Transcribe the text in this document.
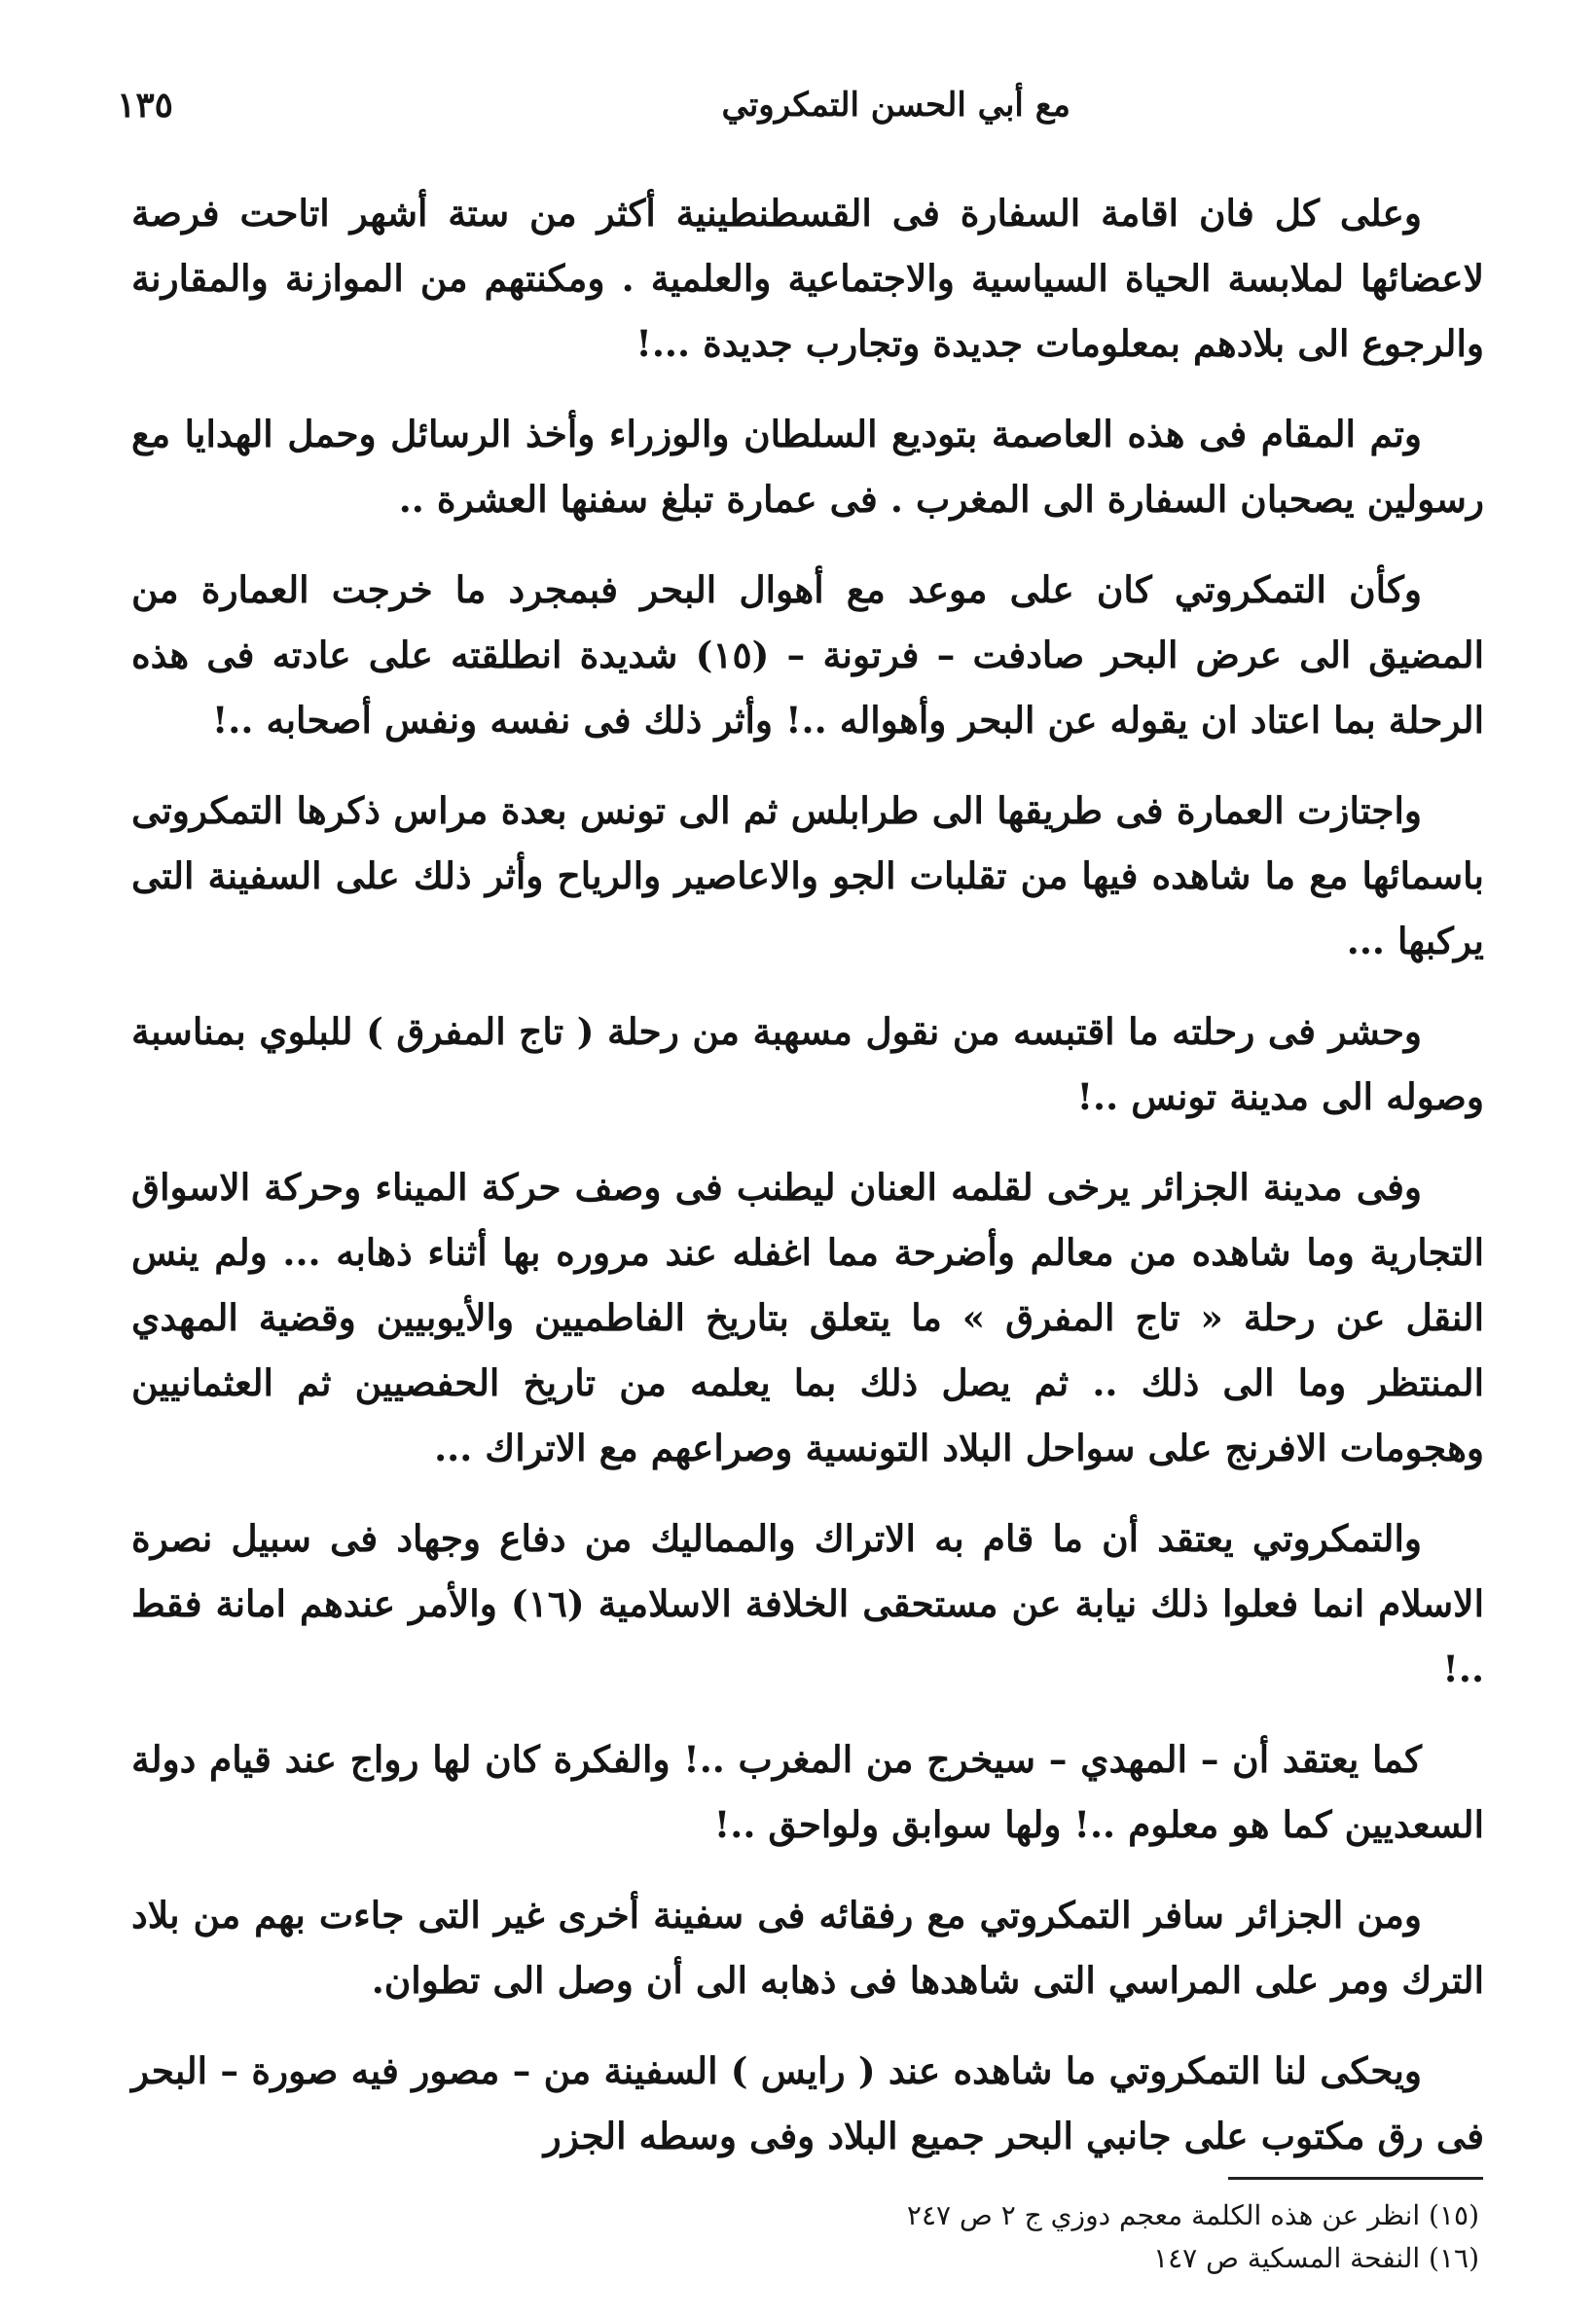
مع أبي الحسن التمكروتي
١٣٥

وعلى كل فان اقامة السفارة فى القسطنطينية أكثر من ستة أشهر اتاحت فرصة لاعضائها لملابسة الحياة السياسية والاجتماعية والعلمية . ومكنتهم من الموازنة والمقارنة والرجوع الى بلادهم بمعلومات جديدة وتجارب جديدة ...!

وتم المقام فى هذه العاصمة بتوديع السلطان والوزراء وأخذ الرسائل وحمل الهدايا مع رسولين يصحبان السفارة الى المغرب . فى عمارة تبلغ سفنها العشرة ..

وكأن التمكروتي كان على موعد مع أهوال البحر فبمجرد ما خرجت العمارة من المضيق الى عرض البحر صادفت – فرتونة – (١٥) شديدة انطلقته على عادته فى هذه الرحلة بما اعتاد ان يقوله عن البحر وأهواله ..! وأثر ذلك فى نفسه ونفس أصحابه ..!

واجتازت العمارة فى طريقها الى طرابلس ثم الى تونس بعدة مراس ذكرها التمكروتى باسمائها مع ما شاهده فيها من تقلبات الجو والاعاصير والرياح وأثر ذلك على السفينة التى يركبها ...

وحشر فى رحلته ما اقتبسه من نقول مسهبة من رحلة ( تاج المفرق ) للبلوي بمناسبة وصوله الى مدينة تونس ..!

وفى مدينة الجزائر يرخى لقلمه العنان ليطنب فى وصف حركة الميناء وحركة الاسواق التجارية وما شاهده من معالم وأضرحة مما اغفله عند مروره بها أثناء ذهابه ... ولم ينس النقل عن رحلة « تاج المفرق » ما يتعلق بتاريخ الفاطميين والأيوبيين وقضية المهدي المنتظر وما الى ذلك .. ثم يصل ذلك بما يعلمه من تاريخ الحفصيين ثم العثمانيين وهجومات الافرنج على سواحل البلاد التونسية وصراعهم مع الاتراك ...

والتمكروتي يعتقد أن ما قام به الاتراك والمماليك من دفاع وجهاد فى سبيل نصرة الاسلام انما فعلوا ذلك نيابة عن مستحقى الخلافة الاسلامية (١٦) والأمر عندهم امانة فقط ..!

كما يعتقد أن – المهدي – سيخرج من المغرب ..! والفكرة كان لها رواج عند قيام دولة السعديين كما هو معلوم ..! ولها سوابق ولواحق ..!

ومن الجزائر سافر التمكروتي مع رفقائه فى سفينة أخرى غير التى جاءت بهم من بلاد الترك ومر على المراسي التى شاهدها فى ذهابه الى أن وصل الى تطوان.

ويحكى لنا التمكروتي ما شاهده عند ( رايس ) السفينة من – مصور فيه صورة – البحر فى رق مكتوب على جانبي البحر جميع البلاد وفى وسطه الجزر

(١٥) انظر عن هذه الكلمة معجم دوزي ج ٢ ص ٢٤٧

(١٦) النفحة المسكية ص ١٤٧
